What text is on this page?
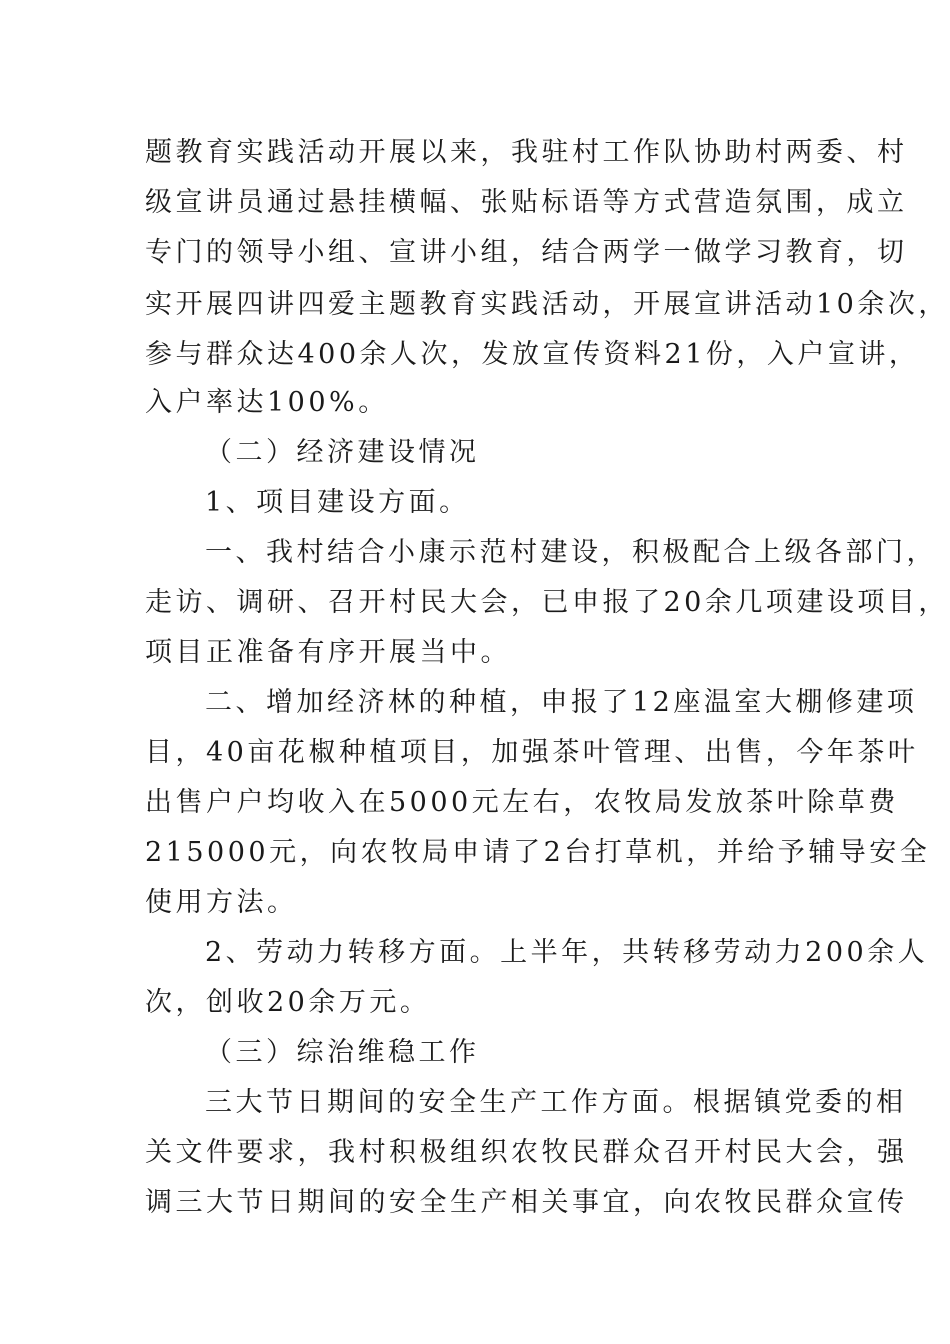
题教育实践活动开展以来，我驻村工作队协助村两委、村
级宣讲员通过悬挂横幅、张贴标语等方式营造氛围，成立
专门的领导小组、宣讲小组，结合两学一做学习教育，切
实开展四讲四爱主题教育实践活动，开展宣讲活动10余次，
参与群众达400余人次，发放宣传资料21份，入户宣讲，
入户率达100%。
（二）经济建设情况
1、项目建设方面。
一、我村结合小康示范村建设，积极配合上级各部门，
走访、调研、召开村民大会，已申报了20余几项建设项目，
项目正准备有序开展当中。
二、增加经济林的种植，申报了12座温室大棚修建项
目，40亩花椒种植项目，加强茶叶管理、出售，今年茶叶
出售户户均收入在5000元左右，农牧局发放茶叶除草费
215000元，向农牧局申请了2台打草机，并给予辅导安全
使用方法。
2、劳动力转移方面。上半年，共转移劳动力200余人
次，创收20余万元。
（三）综治维稳工作
三大节日期间的安全生产工作方面。根据镇党委的相
关文件要求，我村积极组织农牧民群众召开村民大会，强
调三大节日期间的安全生产相关事宜，向农牧民群众宣传
